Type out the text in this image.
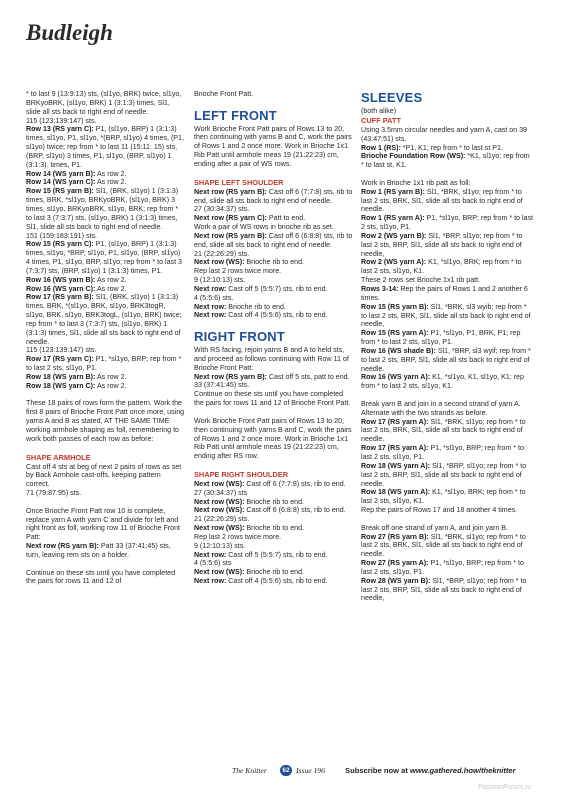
Budleigh
* to last 9 (13:9:13) sts, (sl1yo, BRK) twice, sl1yo, BRKyoBRK, (sl1yo, BRK) 1 (3:1:3) times, Sl1, slide all sts back to right end of needle.
115 (123:139:147) sts.
Row 13 (RS yarn C): P1, (sl1yo, BRP) 1 (3:1:3) times, sl1yo, P1, sl1yo, *(BRP, sl1yo) 4 times, (P1, sl1yo) twice; rep from * to last 11 (15:11: 15) sts, (BRP, sl1yo) 3 times, P1, sl1yo, (BRP, sl1yo) 1 (3:1:3). times, P1.
Row 14 (WS yarn B): As row 2.
Row 14 (WS yarn C): As row 2.
Row 15 (RS yarn B): Sl1, (BRK, sl1yo) 1 (3:1:3) times, BRK, *sl1yo, BRKyoBRK, (sl1yo, BRK) 3 times, sl1yo, BRKyoBRK, sl1yo, BRK; rep from * to last 3 (7:3:7) sts, (sl1yo, BRK) 1 (3:1:3) times, Sl1, slide all sts back to right end of needle.
151 (159:183:191) sts.
Row 15 (RS yarn C): P1, (sl1yo, BRP) 1 (3:1:3) times, sl1yo, *BRP, sl1yo, P1, sl1yo, (BRP, sl1yo) 4 times, P1, sl1yo, BRP, sl1yo; rep from * to last 3 (7:3:7) sts, (BRP, sl1yo) 1 (3:1:3) times, P1.
Row 16 (WS yarn B): As row 2.
Row 16 (WS yarn C): As row 2.
Row 17 (RS yarn B): Sl1, (BRK, sl1yo) 1 (3:1:3) times, BRK, *(sl1yo, BRK, sl1yo, BRK3togR, sl1yo, BRK, sl1yo, BRK3togL, (sl1yo, BRK) twice; rep from * to last 3 (7:3:7) sts, (sl1yo, BRK) 1 (3:1:3) times, Sl1, slide all sts back to right end of needle.
115 (123:139:147) sts.
Row 17 (RS yarn C): P1, *sl1yo, BRP; rep from * to last 2 sts, sl1yo, P1.
Row 18 (WS yarn B): As row 2.
Row 18 (WS yarn C): As row 2.
These 18 pairs of rows form the pattern. Work the first 8 pairs of Brioche Front Patt once more, using yarns A and B as stated, AT THE SAME TIME working armhole shaping as foll, remembering to work both passes of each row as before:
SHAPE ARMHOLE
Cast off 4 sts at beg of next 2 pairs of rows as set by Back Armhole cast-offs, keeping pattern correct.
71 (79:87:95) sts.
Once Brioche Front Patt row 10 is complete, replace yarn A with yarn C and divide for left and right front as foll, working row 11 of Brioche Front Patt:
Next row (RS yarn B): Patt 33 (37:41:45) sts, turn, leaving rem sts on a holder.
Continue on these sts until you have completed the pairs for rows 11 and 12 of
Brioche Front Patt.
LEFT FRONT
Work Brioche Front Patt pairs of Rows 13 to 20, then continuing with yarns B and C, work the pairs of Rows 1 and 2 once more. Work in Brioche 1x1 Rib Patt until armhole meas 19 (21:22:23) cm, ending after a pair of WS rows.
SHAPE LEFT SHOULDER
Next row (RS yarn B): Cast off 6 (7:7:8) sts, rib to end, slide all sts back to right end of needle.
27 (30:34:37) sts.
Next row (RS yarn C): Patt to end.
Work a pair of WS rows in brioche rib as set.
Next row (RS yarn B): Cast off 6 (6:8:8) sts, rib to end, slide all sts back to right end of needle.
21 (22:26:29) sts.
Next row (WS): Brioche rib to end.
Rep last 2 rows twice more.
9 (12:10:13) sts.
Next row: Cast off 5 (5:5:7) sts, rib to end.
4 (5:5:6) sts.
Next row: Brioche rib to end.
Next row: Cast off 4 (5:5:6) sts, rib to end.
RIGHT FRONT
With RS facing, rejoin yarns B and A to held sts, and proceed as follows continuing with Row 11 of Brioche Front Patt:
Next row (RS yarn B): Cast off 5 sts, patt to end.
33 (37:41:45) sts.
Continue on these sts until you have completed the pairs for rows 11 and 12 of Brioche Front Patt.
Work Brioche Front Patt pairs of Rows 13 to 20, then continuing with yarns B and C, work the pairs of Rows 1 and 2 once more. Work in Brioche 1x1 Rib Patt until armhole meas 19 (21:22:23) cm, ending after RS row.
SHAPE RIGHT SHOULDER
Next row (WS): Cast off 6 (7:7:8) sts, rib to end.
27 (30:34:37) sts
Next row (WS): Brioche rib to end.
Next row (WS): Cast off 6 (6:8:8) sts, rib to end.
21 (22:26:29) sts.
Next row (WS): Brioche rib to end.
Rep last 2 rows twice more.
9 (12:10:13) sts.
Next row: Cast off 5 (5:5:7) sts, rib to end.
4 (5:5:6) sts
Next row (WS): Brioche rib to end.
Next row: Cast off 4 (5:5:6) sts, rib to end.
SLEEVES
(both alike)
CUFF PATT
Using 3.5mm circular needles and yarn A, cast on 39 (43:47:51) sts.
Row 1 (RS): *P1, K1; rep from * to last st P1.
Brioche Foundation Row (WS): *K1, sl1yo; rep from * to last st, K1.
Work in Brioche 1x1 rib patt as foll:
Row 1 (RS yarn B): Sl1, *BRK, sl1yo; rep from * to last 2 sts, BRK, Sl1, slide all sts back to right end of needle.
Row 1 (RS yarn A): P1, *sl1yo, BRP; rep from * to last 2 sts, sl1yo, P1.
Row 2 (WS yarn B): Sl1, *BRP, sl1yo; rep from * to last 2 sts, BRP, Sl1, slide all sts back to right end of needle,
Row 2 (WS yarn A): K1, *sl1yo, BRK; rep from * to last 2 sts, sl1yo, K1.
These 2 rows set Brioche 1x1 rib patt.
Rows 3-14: Rep the pairs of Rows 1 and 2 another 6 times.
Row 15 (RS yarn B): Sl1, *BRK, sl3 wyib; rep from * to last 2 sts, BRK, Sl1, slide all sts back to right end of needle,
Row 15 (RS yarn A): P1, *sl1yo, P1, BRK, P1; rep from * to last 2 sts, sl1yo, P1.
Row 16 (WS shade B): Sl1, *BRP, sl3 wyif; rep from * to last 2 sts, BRP, Sl1, slide all sts back to right end of needle.
Row 16 (WS yarn A): K1, *sl1yo, K1, sl1yo, K1; rep from * to last 2 sts, sl1yo, K1.
Break yarn B and join in a second strand of yarn A. Alternate with the two strands as before.
Row 17 (RS yarn A): Sl1, *BRK, sl1yo; rep from * to last 2 sts, BRK, Sl1, slide all sts back to right end of needle.
Row 17 (RS yarn A): P1, *sl1yo, BRP; rep from * to last 2 sts, sl1yo, P1.
Row 18 (WS yarn A): Sl1, *BRP, sl1yo; rep from * to last 2 sts, BRP, Sl1, slide all sts back to right end of needle.
Row 18 (WS yarn A): K1, *sl1yo, BRK; rep from * to last 2 sts, sl1yo, K1.
Rep the pairs of Rows 17 and 18 another 4 times.
Break off one strand of yarn A, and join yarn B.
Row 27 (RS yarn B): Sl1, *BRK, sl1yo; rep from * to last 2 sts, BRK, Sl1, slide all sts back to right end of needle.
Row 27 (RS yarn A): P1, *sl1yo, BRP; rep from * to last 2 sts, sl1yo, P1.
Row 28 (WS yarn B): Sl1, *BRP, sl1yo; rep from * to last 2 sts, BRP, Sl1, slide all sts back to right end of needle,
The Knitter	62 Issue 196	Subscribe now at www.gathered.how/theknitter
PassionForum.ru
